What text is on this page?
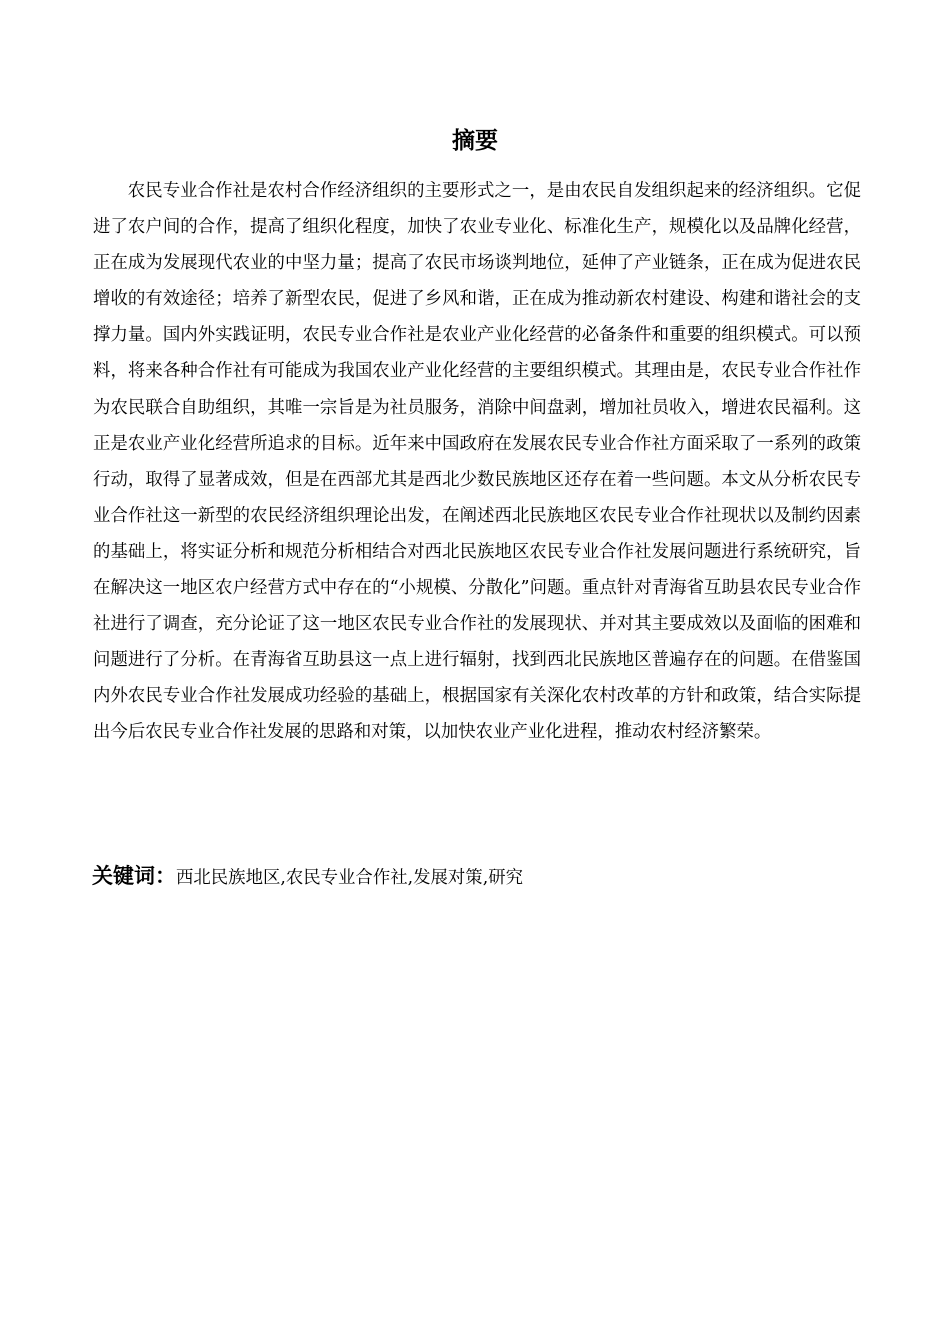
摘要

农民专业合作社是农村合作经济组织的主要形式之一，是由农民自发组织起来的经济组织。它促进了农户间的合作，提高了组织化程度，加快了农业专业化、标准化生产，规模化以及品牌化经营，正在成为发展现代农业的中坚力量；提高了农民市场谈判地位，延伸了产业链条，正在成为促进农民增收的有效途径；培养了新型农民，促进了乡风和谐，正在成为推动新农村建设、构建和谐社会的支撑力量。国内外实践证明，农民专业合作社是农业产业化经营的必备条件和重要的组织模式。可以预料，将来各种合作社有可能成为我国农业产业化经营的主要组织模式。其理由是，农民专业合作社作为农民联合自助组织，其唯一宗旨是为社员服务，消除中间盘剥，增加社员收入，增进农民福利。这正是农业产业化经营所追求的目标。近年来中国政府在发展农民专业合作社方面采取了一系列的政策行动，取得了显著成效，但是在西部尤其是西北少数民族地区还存在着一些问题。本文从分析农民专业合作社这一新型的农民经济组织理论出发，在阐述西北民族地区农民专业合作社现状以及制约因素的基础上，将实证分析和规范分析相结合对西北民族地区农民专业合作社发展问题进行系统研究，旨在解决这一地区农户经营方式中存在的“小规模、分散化”问题。重点针对青海省互助县农民专业合作社进行了调查，充分论证了这一地区农民专业合作社的发展现状、并对其主要成效以及面临的困难和问题进行了分析。在青海省互助县这一点上进行辐射，找到西北民族地区普遍存在的问题。在借鉴国内外农民专业合作社发展成功经验的基础上，根据国家有关深化农村改革的方针和政策，结合实际提出今后农民专业合作社发展的思路和对策，以加快农业产业化进程，推动农村经济繁荣。

关键词：西北民族地区,农民专业合作社,发展对策,研究
